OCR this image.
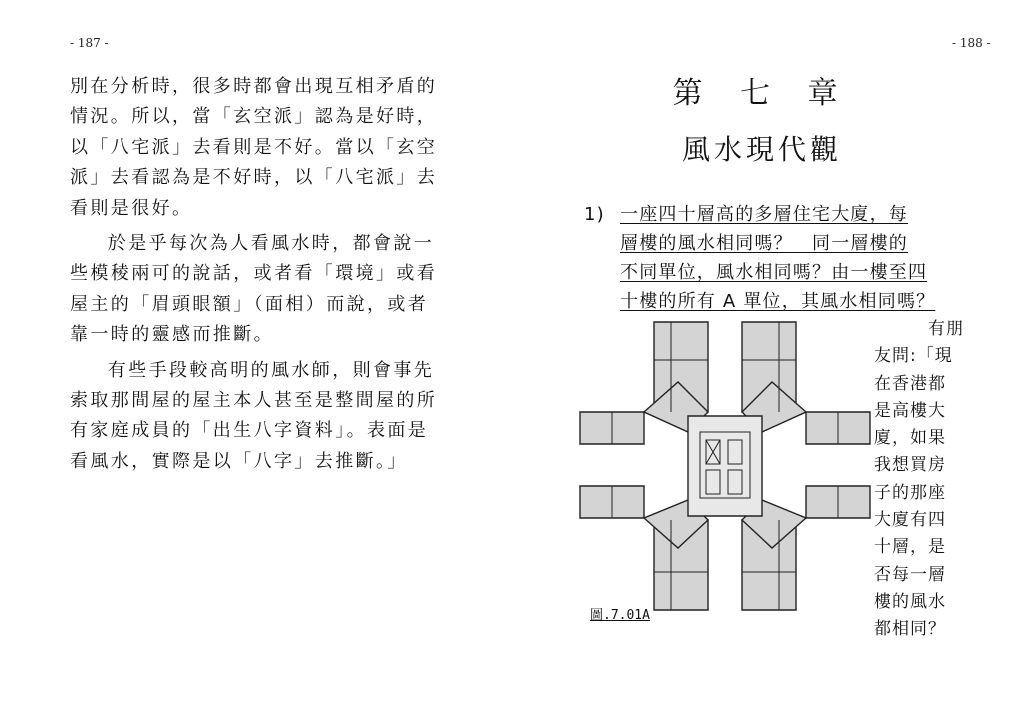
- 187 -

別在分析時，很多時都會出現互相矛盾的情況。所以，當「玄空派」認為是好時，以「八宅派」去看則是不好。當以「玄空派」去看認為是不好時，以「八宅派」去看則是很好。

於是乎每次為人看風水時，都會說一些模稜兩可的說話，或者看「環境」或看屋主的「眉頭眼額」（面相）而說，或者靠一時的靈感而推斷。

有些手段較高明的風水師，則會事先索取那間屋的屋主本人甚至是整間屋的所有家庭成員的「出生八字資料」。表面是看風水，實際是以「八字」去推斷。」

- 188 -
第 七 章
風水現代觀
1) 一座四十層高的多層住宅大廈，每
層樓的風水相同嗎？　同一層樓的
不同單位，風水相同嗎？由一樓至四
十樓的所有 A 單位，其風水相同嗎？
圖.7.01A
有朋
友問:「現
在香港都
是高樓大
廈，如果
我想買房
子的那座
大廈有四
十層，是
否每一層
樓的風水
都相同？
